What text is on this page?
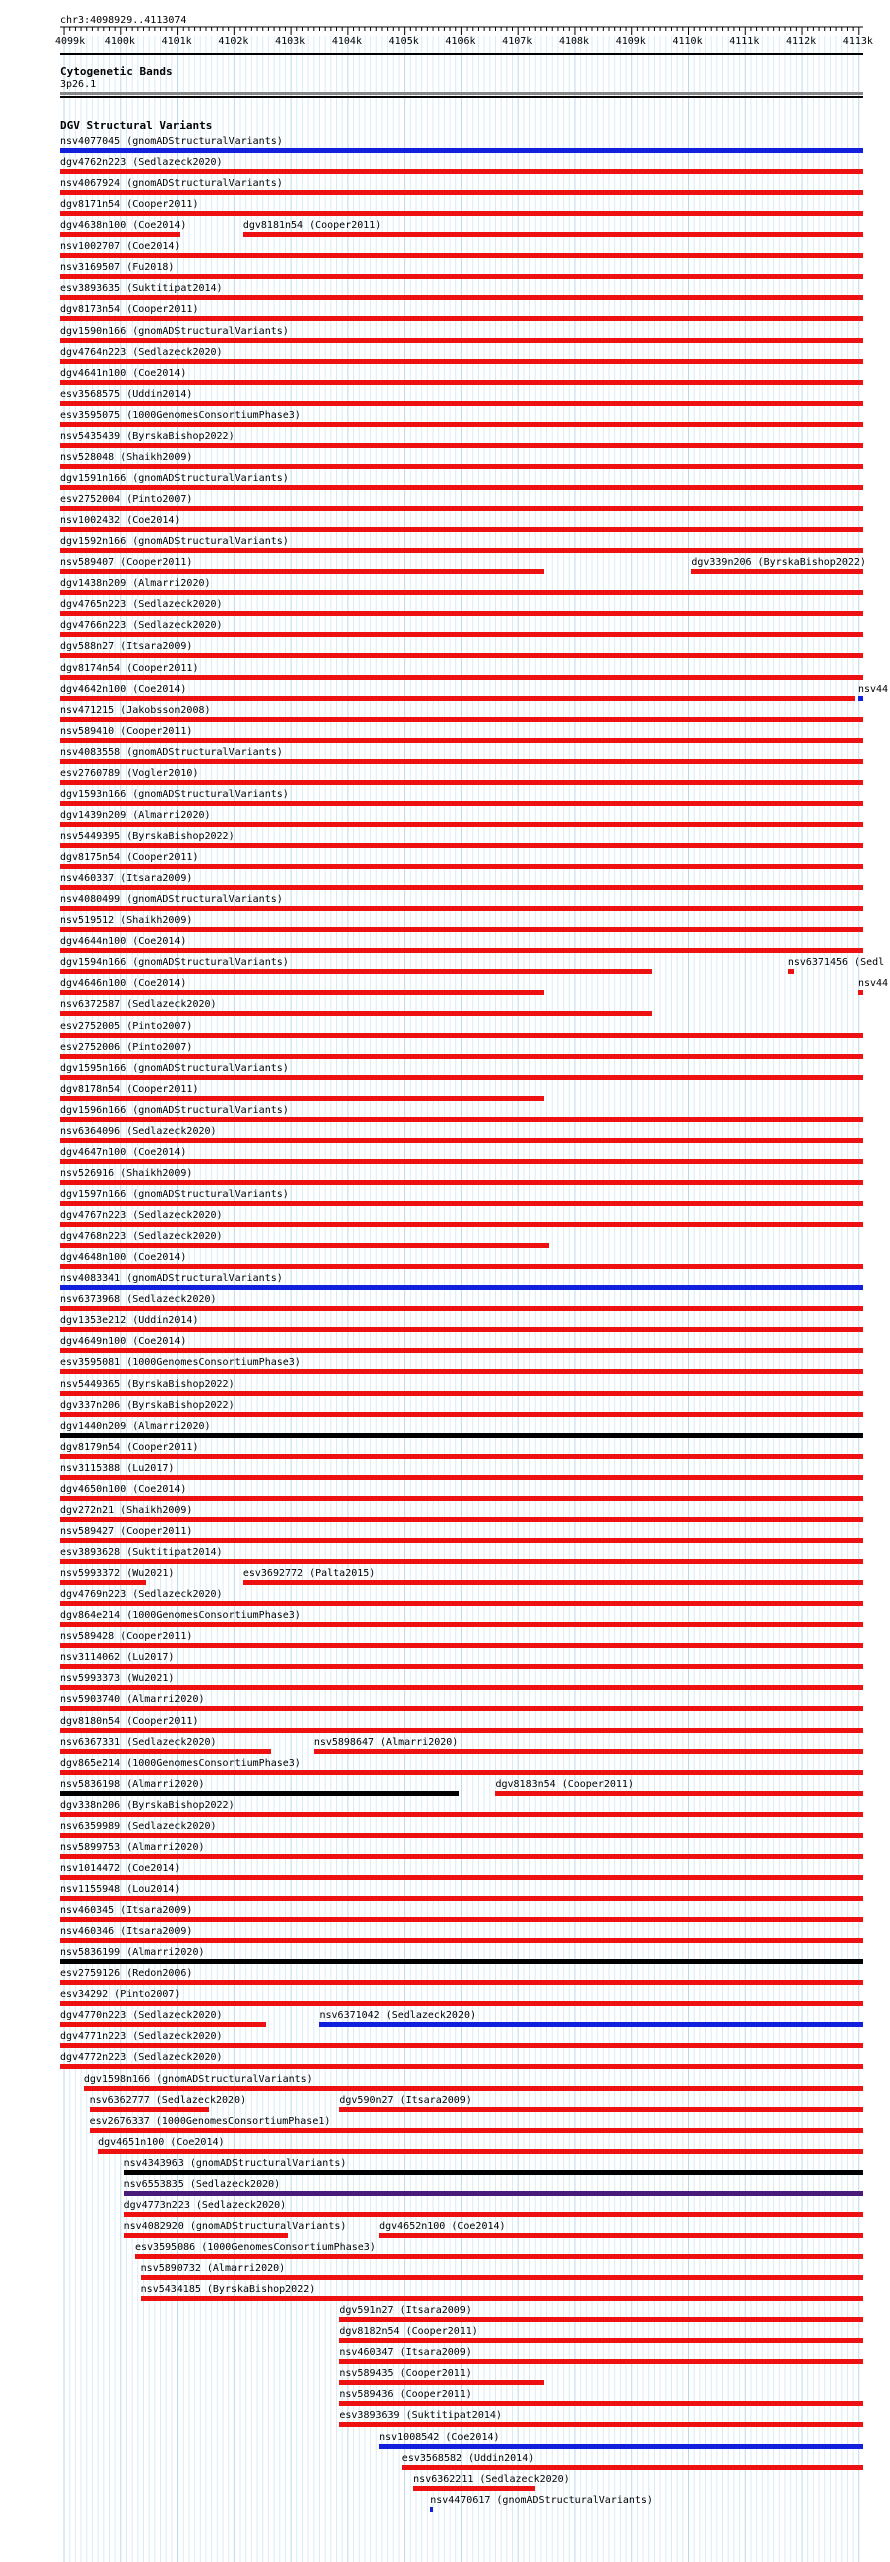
chr3:4098929..4113074
4099k 4100k	4101k	4102k	4103k	4104k	4105k	4106k	4107k	4108k	4109k	4110k	4111k	4112k	4113k
Cytogenetic Bands
3p26.1
DGV Structural Variants
nsv4077045 (gnomADStructuralVariants)
dgv4762n223 (Sedlazeck2020)
nsv4067924 (gnomADStructuralVariants)
dgv8171n54 (Cooper2011)
dgv4638n100 (Coe2014)	dgv8181n54 (Cooper2011)
nsv1002707 (Coe2014)
nsv3169507 (Fu2018)
esv3893635 (Suktitipat2014)
dgv8173n54 (Cooper2011)
dgv1590n166 (gnomADStructuralVariants)
dgv4764n223 (Sedlazeck2020)
dgv4641n100 (Coe2014)
esv3568575 (Uddin2014)
esv3595075 (1000GenomesConsortiumPhase3)
nsv5435439 (ByrskaBishop2022)
nsv528048 (Shaikh2009)
dgv1591n166 (gnomADStructuralVariants)
esv2752004 (Pinto2007)
nsv1002432 (Coe2014)
dgv1592n166 (gnomADStructuralVariants)
nsv589407 (Cooper2011)	dgv339n206 (ByrskaBishop2022)
dgv1438n209 (Almarri2020)
dgv4765n223 (Sedlazeck2020)
dgv4766n223 (Sedlazeck2020)
dgv588n27 (Itsara2009)
dgv8174n54 (Cooper2011)
dgv4642n100 (Coe2014)	nsv44
nsv471215 (Jakobsson2008)
nsv589410 (Cooper2011)
nsv4083558 (gnomADStructuralVariants)
esv2760789 (Vogler2010)
dgv1593n166 (gnomADStructuralVariants)
dgv1439n209 (Almarri2020)
nsv5449395 (ByrskaBishop2022)
dgv8175n54 (Cooper2011)
nsv460337 (Itsara2009)
nsv4080499 (gnomADStructuralVariants)
nsv519512 (Shaikh2009)
dgv4644n100 (Coe2014)
dgv1594n166 (gnomADStructuralVariants)	nsv6371456 (Sedl
dgv4646n100 (Coe2014)	nsv44
nsv6372587 (Sedlazeck2020)
esv2752005 (Pinto2007)
esv2752006 (Pinto2007)
dgv1595n166 (gnomADStructuralVariants)
dgv8178n54 (Cooper2011)
dgv1596n166 (gnomADStructuralVariants)
nsv6364096 (Sedlazeck2020)
dgv4647n100 (Coe2014)
nsv526916 (Shaikh2009)
dgv1597n166 (gnomADStructuralVariants)
dgv4767n223 (Sedlazeck2020)
dgv4768n223 (Sedlazeck2020)
dgv4648n100 (Coe2014)
nsv4083341 (gnomADStructuralVariants)
nsv6373968 (Sedlazeck2020)
dgv1353e212 (Uddin2014)
dgv4649n100 (Coe2014)
esv3595081 (1000GenomesConsortiumPhase3)
nsv5449365 (ByrskaBishop2022)
dgv337n206 (ByrskaBishop2022)
dgv1440n209 (Almarri2020)
dgv8179n54 (Cooper2011)
nsv3115388 (Lu2017)
dgv4650n100 (Coe2014)
dgv272n21 (Shaikh2009)
nsv589427 (Cooper2011)
esv3893628 (Suktitipat2014)
nsv5993372 (Wu2021)	esv3692772 (Palta2015)
dgv4769n223 (Sedlazeck2020)
dgv864e214 (1000GenomesConsortiumPhase3)
nsv589428 (Cooper2011)
nsv3114062 (Lu2017)
nsv5993373 (Wu2021)
nsv5903740 (Almarri2020)
dgv8180n54 (Cooper2011)
nsv6367331 (Sedlazeck2020)	nsv5898647 (Almarri2020)
dgv865e214 (1000GenomesConsortiumPhase3)
nsv5836198 (Almarri2020)	dgv8183n54 (Cooper2011)
dgv338n206 (ByrskaBishop2022)
nsv6359989 (Sedlazeck2020)
nsv5899753 (Almarri2020)
nsv1014472 (Coe2014)
nsv1155948 (Lou2014)
nsv460345 (Itsara2009)
nsv460346 (Itsara2009)
nsv5836199 (Almarri2020)
esv2759126 (Redon2006)
esv34292 (Pinto2007)
dgv4770n223 (Sedlazeck2020)	nsv6371042 (Sedlazeck2020)
dgv4771n223 (Sedlazeck2020)
dgv4772n223 (Sedlazeck2020)
dgv1598n166 (gnomADStructuralVariants)
nsv6362777 (Sedlazeck2020)	dgv590n27 (Itsara2009)
esv2676337 (1000GenomesConsortiumPhase1)
dgv4651n100 (Coe2014)
nsv4343963 (gnomADStructuralVariants)
nsv6553835 (Sedlazeck2020)
dgv4773n223 (Sedlazeck2020)
nsv4082920 (gnomADStructuralVariants)	dgv4652n100 (Coe2014)
esv3595086 (1000GenomesConsortiumPhase3)
nsv5890732 (Almarri2020)
nsv5434185 (ByrskaBishop2022)
dgv591n27 (Itsara2009)
dgv8182n54 (Cooper2011)
nsv460347 (Itsara2009)
nsv589435 (Cooper2011)
nsv589436 (Cooper2011)
esv3893639 (Suktitipat2014)
nsv1008542 (Coe2014)
esv3568582 (Uddin2014)
nsv6362211 (Sedlazeck2020)
nsv4470617 (gnomADStructuralVariants)
